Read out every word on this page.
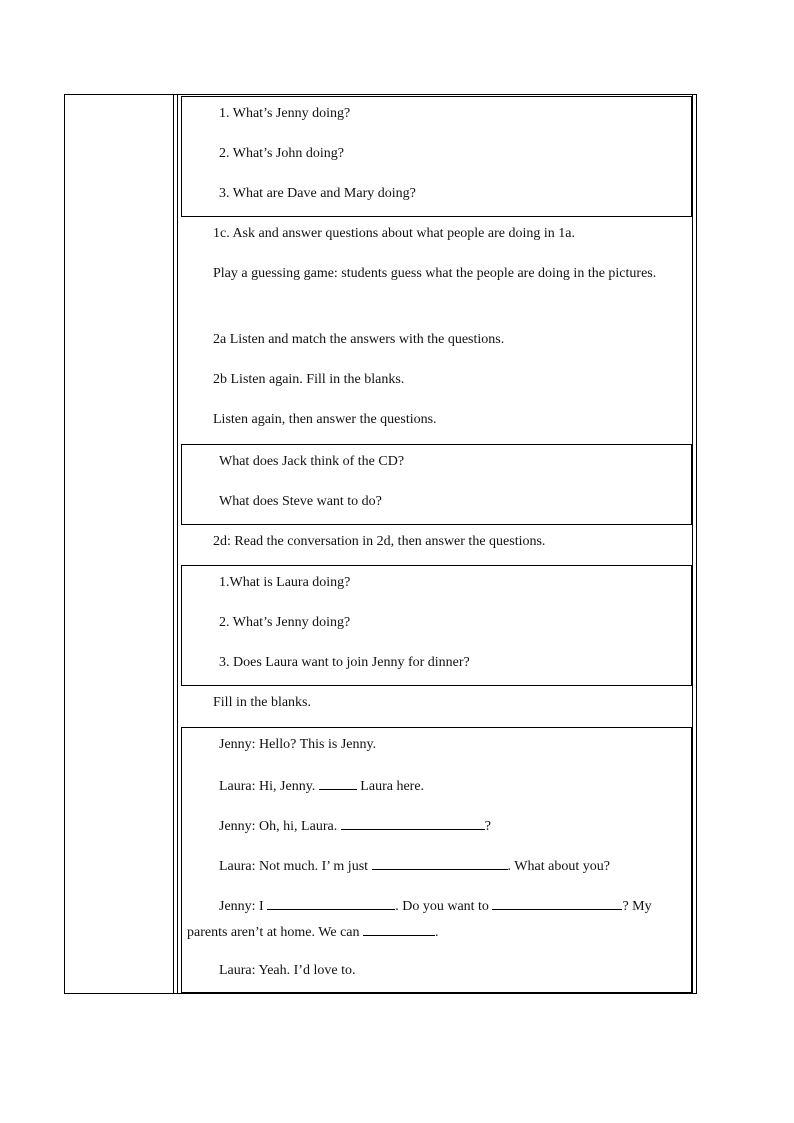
1. What’s Jenny doing?
2. What’s John doing?
3. What are Dave and Mary doing?
1c. Ask and answer questions about what people are doing in 1a.
Play a guessing game: students guess what the people are doing in the pictures.
2a Listen and match the answers with the questions.
2b Listen again. Fill in the blanks.
Listen again, then answer the questions.
What does Jack think of the CD?
What does Steve want to do?
2d: Read the conversation in 2d, then answer the questions.
1.What is Laura doing?
2. What’s Jenny doing?
3. Does Laura want to join Jenny for dinner?
Fill in the blanks.
Jenny: Hello? This is Jenny.
Laura: Hi, Jenny.	Laura here.
Jenny: Oh, hi, Laura.	?
Laura: Not much. I’ m just	. What about you?
Jenny: I	. Do you want to	? My
parents aren’t at home. We can	.
Laura: Yeah. I’d love to.
